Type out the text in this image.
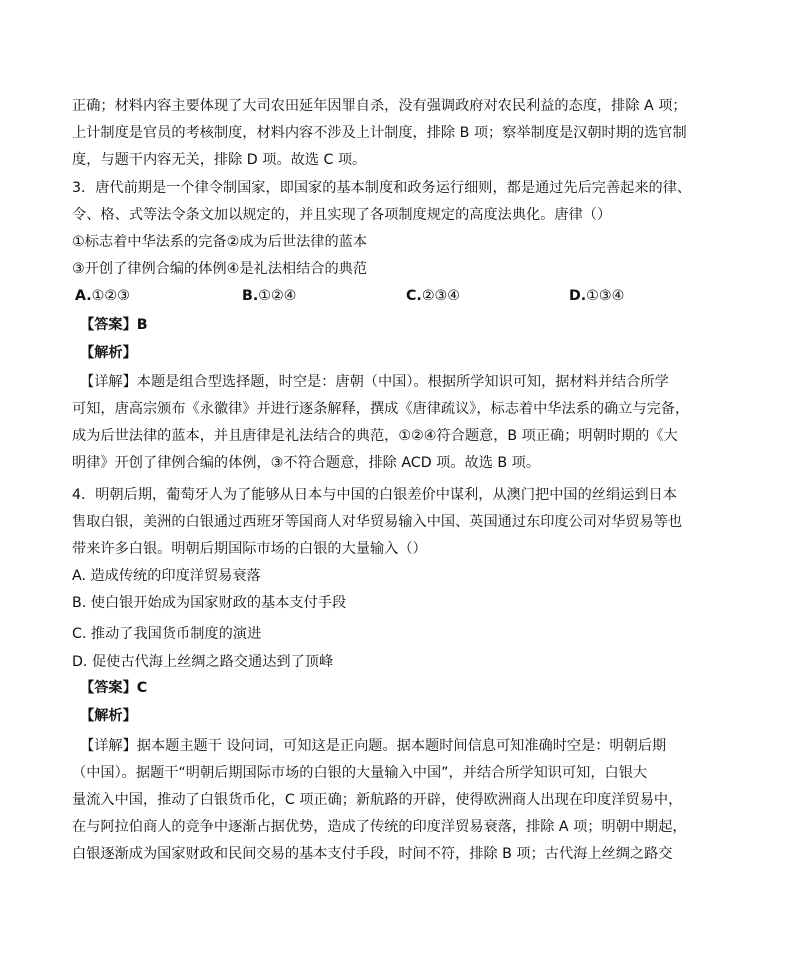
正确；材料内容主要体现了大司农田延年因罪自杀，没有强调政府对农民利益的态度，排除 A 项；
上计制度是官员的考核制度，材料内容不涉及上计制度，排除 B 项；察举制度是汉朝时期的选官制
度，与题干内容无关，排除 D 项。故选 C 项。
3．唐代前期是一个律令制国家，即国家的基本制度和政务运行细则，都是通过先后完善起来的律、
令、格、式等法令条文加以规定的，并且实现了各项制度规定的高度法典化。唐律（）
①标志着中华法系的完备②成为后世法律的蓝本
③开创了律例合编的体例④是礼法相结合的典范
A.①②③	B.①②④	C.②③④	D.①③④
【答案】B
【解析】
【详解】本题是组合型选择题，时空是：唐朝（中国）。根据所学知识可知，据材料并结合所学
可知，唐高宗颁布《永徽律》并进行逐条解释，撰成《唐律疏议》，标志着中华法系的确立与完备，
成为后世法律的蓝本，并且唐律是礼法结合的典范，①②④符合题意，B 项正确；明朝时期的《大
明律》开创了律例合编的体例，③不符合题意，排除 ACD 项。故选 B 项。
4．明朝后期，葡萄牙人为了能够从日本与中国的白银差价中谋利，从澳门把中国的丝绢运到日本
售取白银，美洲的白银通过西班牙等国商人对华贸易输入中国、英国通过东印度公司对华贸易等也
带来许多白银。明朝后期国际市场的白银的大量输入（）
A. 造成传统的印度洋贸易衰落
B. 使白银开始成为国家财政的基本支付手段
C. 推动了我国货币制度的演进
D. 促使古代海上丝绸之路交通达到了顶峰
【答案】C
【解析】
【详解】据本题主题干 设问词，可知这是正向题。据本题时间信息可知准确时空是：明朝后期
（中国）。据题干“明朝后期国际市场的白银的大量输入中国”，并结合所学知识可知，白银大
量流入中国，推动了白银货币化，C 项正确；新航路的开辟，使得欧洲商人出现在印度洋贸易中，
在与阿拉伯商人的竞争中逐渐占据优势，造成了传统的印度洋贸易衰落，排除 A 项；明朝中期起，
白银逐渐成为国家财政和民间交易的基本支付手段，时间不符，排除 B 项；古代海上丝绸之路交
